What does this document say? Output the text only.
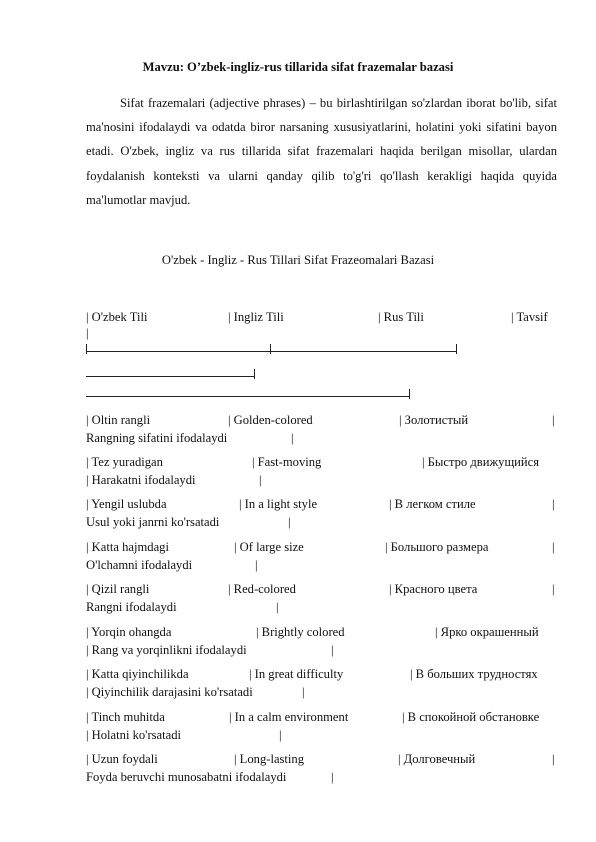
Mavzu: O’zbek-ingliz-rus tillarida sifat frazemalar bazasi
Sifat frazemalari (adjective phrases) – bu birlashtirilgan so'zlardan iborat bo'lib, sifat ma'nosini ifodalaydi va odatda biror narsaning xususiyatlarini, holatini yoki sifatini bayon etadi. O'zbek, ingliz va rus tillarida sifat frazemalari haqida berilgan misollar, ulardan foydalanish konteksti va ularni qanday qilib to'g'ri qo'llash kerakligi haqida quyida ma'lumotlar mavjud.
O'zbek - Ingliz - Rus Tillari Sifat Frazeomalari Bazasi
| O'zbek Tili	| Ingliz Tili	| Rus Tili	| Tavsif
|
| Oltin rangli	| Golden-colored	| Золотистый	|
Rangning sifatini ifodalaydi	|
| Tez yuradigan	| Fast-moving	| Быстро движущийся
| Harakatni ifodalaydi	|
| Yengil uslubda	| In a light style	| В легком стиле	|
Usul yoki janrni ko'rsatadi	|
| Katta hajmdagi	| Of large size	| Большого размера	|
O'lchamni ifodalaydi	|
| Qizil rangli	| Red-colored	| Красного цвета	|
Rangni ifodalaydi	|
| Yorqin ohangda	| Brightly colored	| Ярко окрашенный
| Rang va yorqinlikni ifodalaydi	|
| Katta qiyinchilikda	| In great difficulty	| В больших трудностях
| Qiyinchilik darajasini ko'rsatadi	|
| Tinch muhitda	| In a calm environment	| В спокойной обстановке
| Holatni ko'rsatadi	|
| Uzun foydali	| Long-lasting	| Долговечный	|
Foyda beruvchi munosabatni ifodalaydi	|
